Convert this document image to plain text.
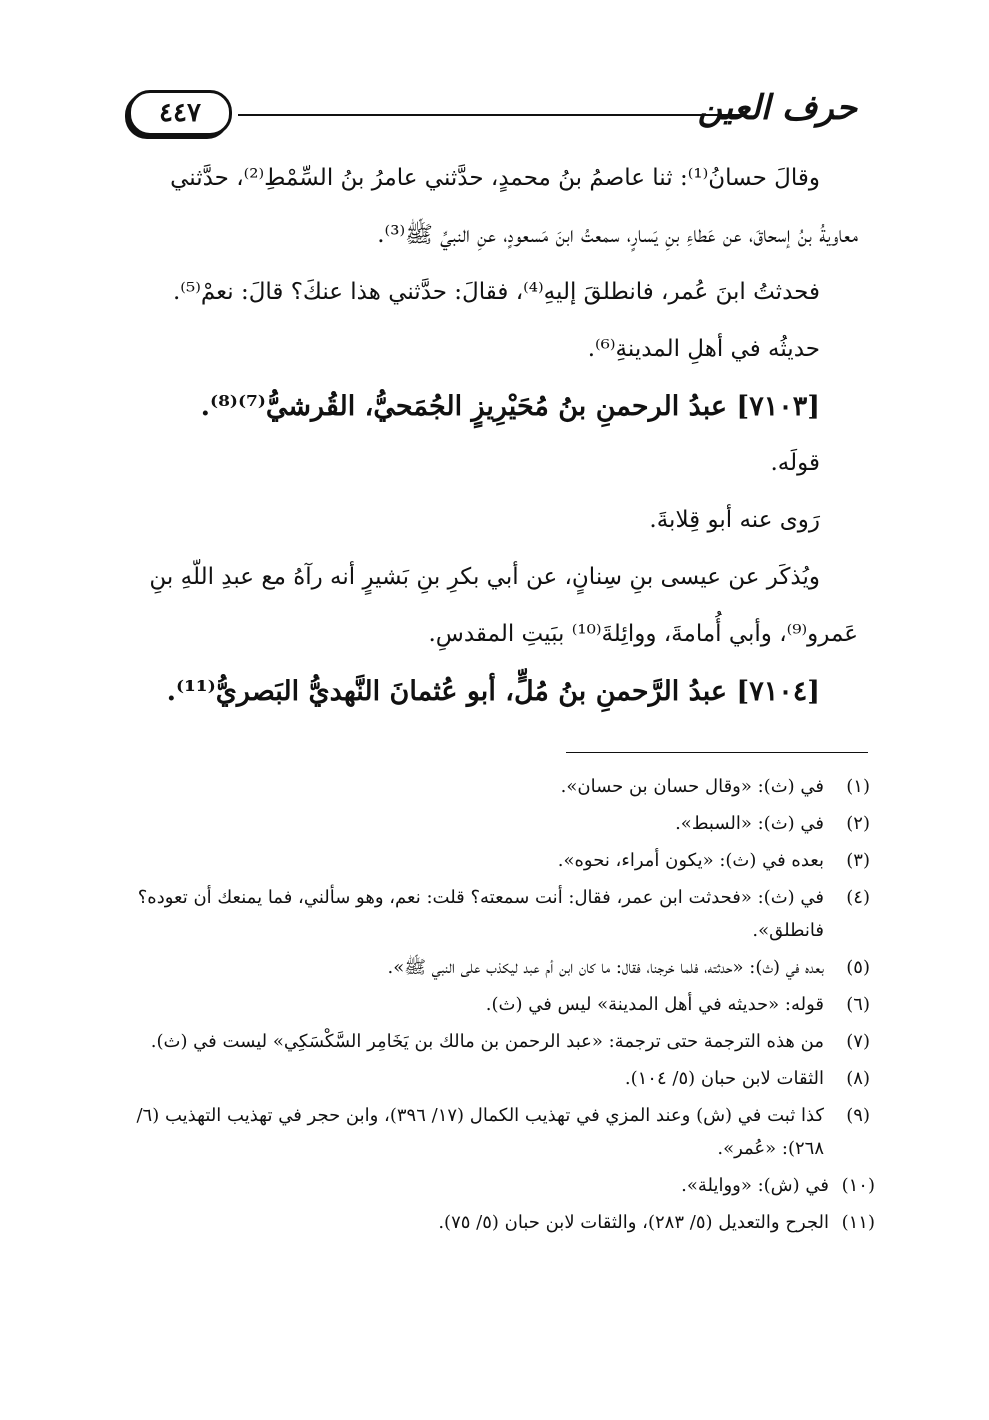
٤٤٧	حرف العين

وقالَ حسانُ⁽¹⁾: ثنا عاصمُ بنُ محمدٍ، حدَّثني عامرُ بنُ السِّمْطِ⁽²⁾، حدَّثني

معاويةُ بنُ إسحاقَ، عن عَطاءِ بنِ يَسارٍ، سمعتُ ابنَ مَسعودٍ، عنِ النبيِّ ﷺ⁽³⁾.

فحدثتُ ابنَ عُمر، فانطلقَ إليهِ⁽⁴⁾، فقالَ: حدَّثني هذا عنكَ؟ قالَ: نعمْ⁽⁵⁾.

حديثُه في أهلِ المدينةِ⁽⁶⁾.

[٧١٠٣] عبدُ الرحمنِ بنُ مُحَيْرِيزٍ الجُمَحيُّ، القُرشيُّ⁽⁷⁾⁽⁸⁾.

قولَه.

رَوى عنه أبو قِلابةَ.

ويُذكَر عن عيسى بنِ سِنانٍ، عن أبي بكرِ بنِ بَشيرٍ أنه رآهُ مع عبدِ اللّهِ بنِ

عَمرو⁽⁹⁾، وأبي أُمامةَ، ووائِلةَ⁽¹⁰⁾ ببَيتِ المقدسِ.

[٧١٠٤] عبدُ الرَّحمنِ بنُ مُلٍّ، أبو عُثمانَ النَّهديُّ البَصريُّ⁽¹¹⁾.

(١)
في (ث): «وقال حسان بن حسان».
(٢)
في (ث): «السبط».
(٣)
بعده في (ث): «يكون أمراء، نحوه».
(٤)
في (ث): «فحدثت ابن عمر، فقال: أنت سمعته؟ قلت: نعم، وهو سألني، فما يمنعك أن تعوده؟ فانطلق».
(٥)
بعده في (ث): «حدثته، فلما خرجنا، فقال: ما كان ابن أم عبد ليكذب على النبي ﷺ».
(٦)
قوله: «حديثه في أهل المدينة» ليس في (ث).
(٧)
من هذه الترجمة حتى ترجمة: «عبد الرحمن بن مالك بن يَخَامِر السَّكْسَكِي» ليست في (ث).
(٨)
الثقات لابن حبان (٥/ ١٠٤).
(٩)
كذا ثبت في (ش) وعند المزي في تهذيب الكمال (١٧/ ٣٩٦)، وابن حجر في تهذيب التهذيب (٦/ ٢٦٨): «عُمر».
(١٠)
في (ش): «ووايلة».
(١١)
الجرح والتعديل (٥/ ٢٨٣)، والثقات لابن حبان (٥/ ٧٥).
